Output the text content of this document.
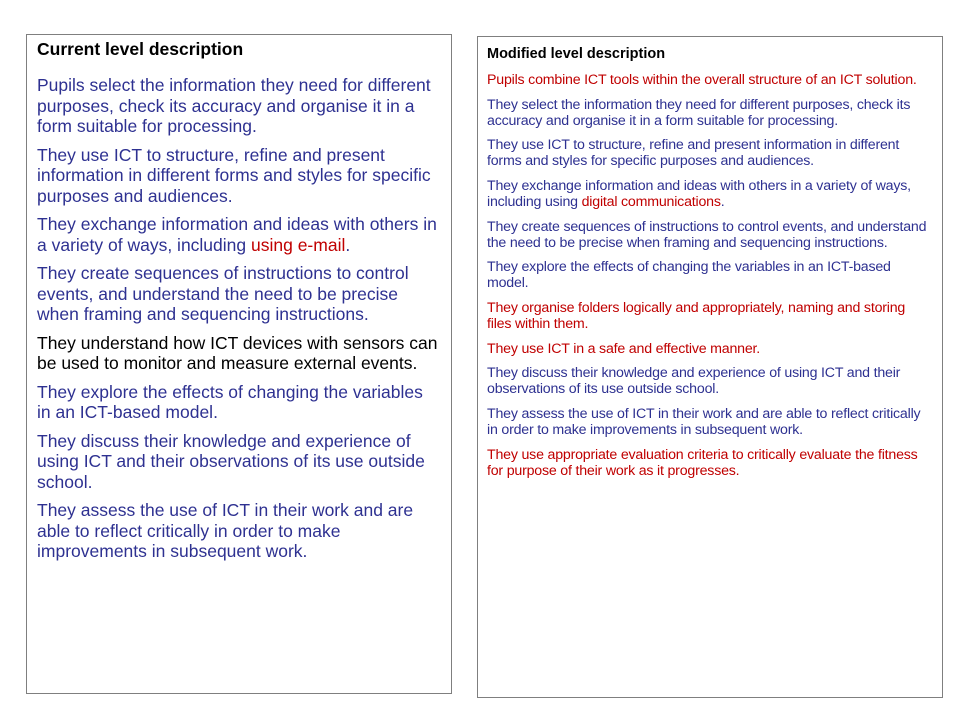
Current level description
Pupils select the information they need for different purposes, check its accuracy and organise it in a form suitable for processing.
They use ICT to structure, refine and present information in different forms and styles for specific purposes and audiences.
They exchange information and ideas with others in a variety of ways, including using e-mail.
They create sequences of instructions to control events, and understand the need to be precise when framing and sequencing instructions.
They understand how ICT devices with sensors can be used to monitor and measure external events.
They explore the effects of changing the variables in an ICT-based model.
They discuss their knowledge and experience of using ICT and their observations of its use outside school.
They assess the use of ICT in their work and are able to reflect critically in order to make improvements in subsequent work.
Modified level description
Pupils combine ICT tools within the overall structure of an ICT solution.
They select the information they need for different purposes, check its accuracy and organise it in a form suitable for processing.
They use ICT to structure, refine and present information in different forms and styles for specific purposes and audiences.
They exchange information and ideas with others in a variety of ways, including using digital communications.
They create sequences of instructions to control events, and understand the need to be precise when framing and sequencing instructions.
They explore the effects of changing the variables in an ICT-based model.
They organise folders logically and appropriately, naming and storing files within them.
They use ICT in a safe and effective manner.
They discuss their knowledge and experience of using ICT and their observations of its use outside school.
They assess the use of ICT in their work and are able to reflect critically in order to make improvements in subsequent work.
They use appropriate evaluation criteria to critically evaluate the fitness for purpose of their work as it progresses.
